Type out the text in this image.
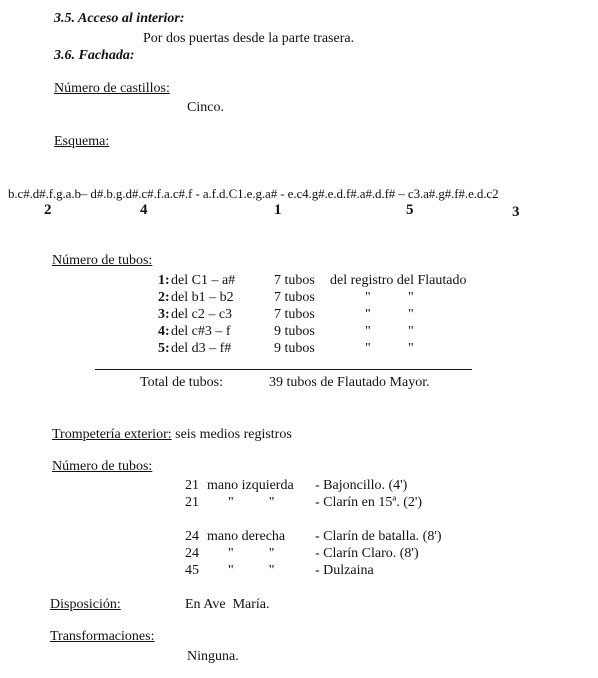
3.5. Acceso al interior:
Por dos puertas desde la parte trasera.
3.6. Fachada:
Número de castillos:
Cinco.
Esquema:
b.c#.d#.f.g.a.b– d#.b.g.d#.c#.f.a.c#.f - a.f.d.C1.e.g.a# - e.c4.g#.e.d.f#.a#.d.f# – c3.a#.g#.f#.e.d.c2
2	4	1	5	3
Número de tubos:
1: del C1 – a#	7 tubos del registro del Flautado
2: del b1 – b2	7 tubos	"	"
3: del c2 – c3	7 tubos	"	"
4: del c#3 – f	9 tubos	"	"
5: del d3 – f#	9 tubos	"	"
Total de tubos:	39 tubos de Flautado Mayor.
Trompetería exterior: seis medios registros
Número de tubos:
21 mano izquierda - Bajoncillo. (4')
21 "          "	- Clarín en 15ª. (2')
24 mano derecha - Clarín de batalla. (8')
24 "          "	- Clarín Claro. (8')
45 "          "	- Dulzaina
Disposición:	En Ave  María.
Transformaciones:
Ninguna.
